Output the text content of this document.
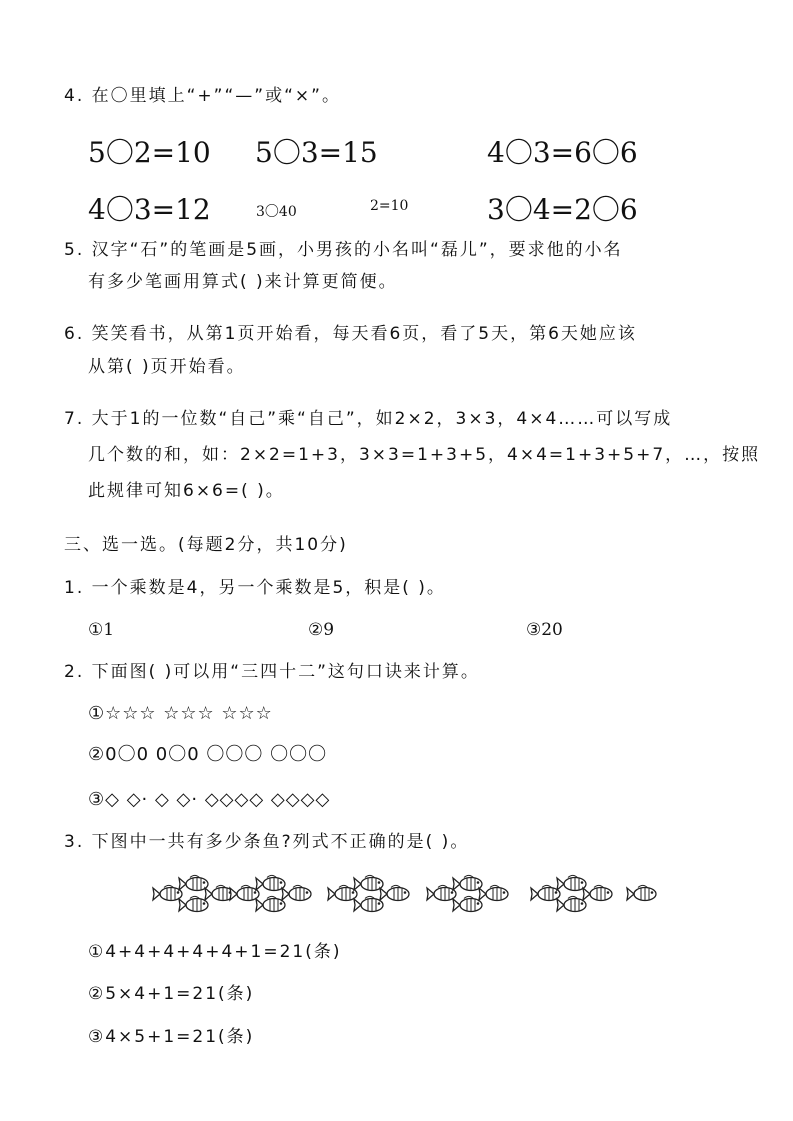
4. 在〇里填上“+”“—”或“×”。
5〇2=10 5〇3=15	4〇3=6〇6
4〇3=12	3〇40	2=10	3〇4=2〇6
5. 汉字“石”的笔画是5画，小男孩的小名叫“磊儿”，要求他的小名
有多少笔画用算式( )来计算更简便。
6. 笑笑看书，从第1页开始看，每天看6页，看了5天，第6天她应该
从第( )页开始看。
7. 大于1的一位数“自己”乘“自己”，如2×2，3×3，4×4……可以写成
几个数的和，如：2×2=1+3，3×3=1+3+5，4×4=1+3+5+7，…，按照
此规律可知6×6=( )。
三、选一选。(每题2分，共10分)
1. 一个乘数是4，另一个乘数是5，积是( )。
①1	②9	③20
2. 下面图( )可以用“三四十二”这句口诀来计算。
①☆☆☆ ☆☆☆ ☆☆☆
②0〇0 0〇0 〇〇〇 〇〇〇
③◇ ◇· ◇ ◇· ◇◇◇◇ ◇◇◇◇
3. 下图中一共有多少条鱼?列式不正确的是( )。
①4+4+4+4+4+1=21(条)
②5×4+1=21(条)
③4×5+1=21(条)
